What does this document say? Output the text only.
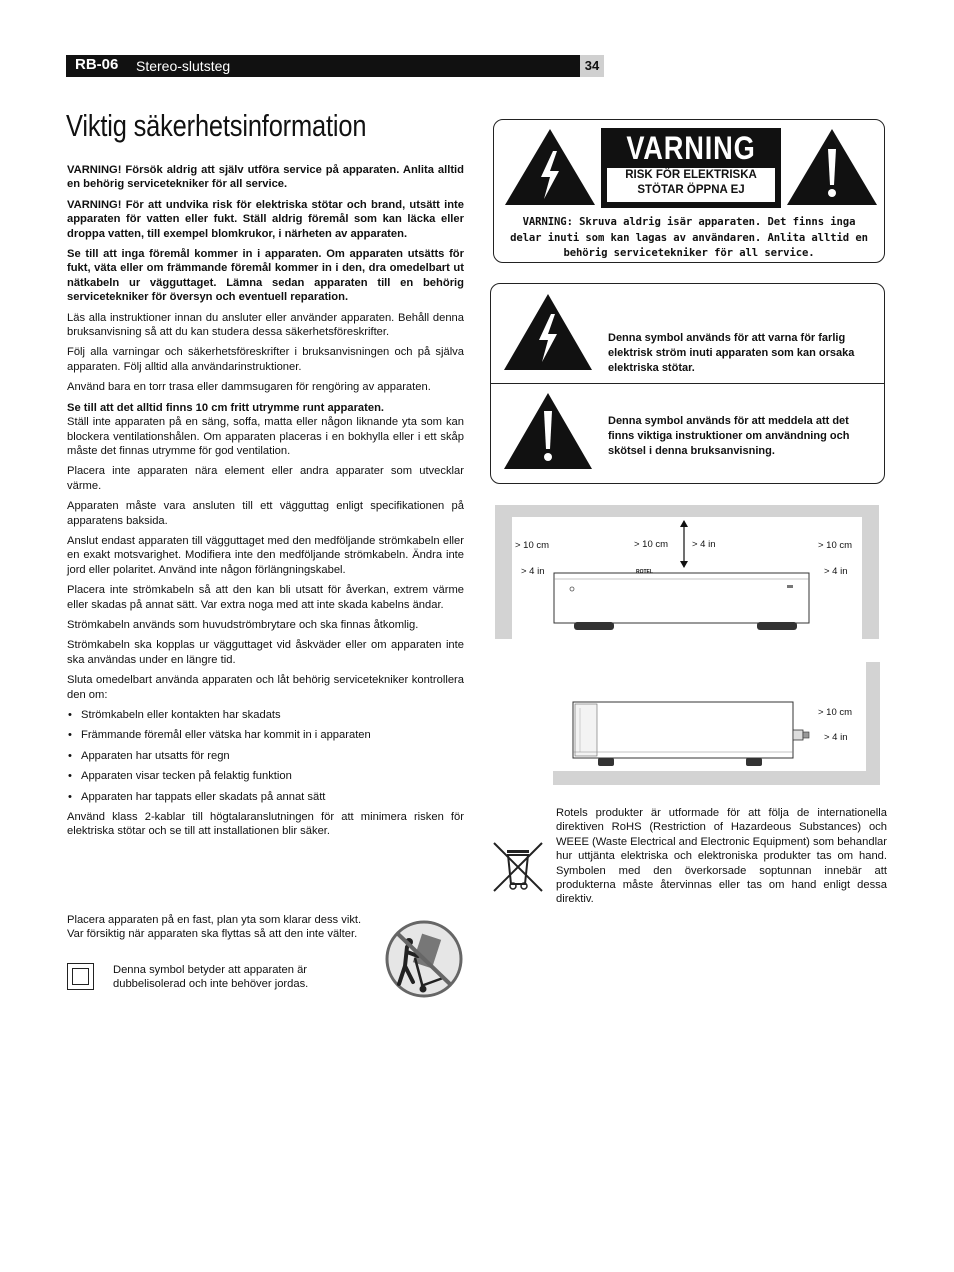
RB-06 Stereo-slutsteg	34
Viktig säkerhetsinformation

VARNING! Försök aldrig att själv utföra service på apparaten. Anlita alltid en behörig servicetekniker för all service.

VARNING! För att undvika risk för elektriska stötar och brand, utsätt inte apparaten för vatten eller fukt. Ställ aldrig föremål som kan läcka eller droppa vatten, till exempel blomkrukor, i närheten av apparaten.

Se till att inga föremål kommer in i apparaten. Om apparaten utsätts för fukt, väta eller om främmande föremål kommer in i den, dra omedelbart ut nätkabeln ur vägguttaget. Lämna sedan apparaten till en behörig servicetekniker för översyn och eventuell reparation.

Läs alla instruktioner innan du ansluter eller använder apparaten. Behåll denna bruksanvisning så att du kan studera dessa säkerhetsföreskrifter.

Följ alla varningar och säkerhetsföreskrifter i bruksanvisningen och på själva apparaten. Följ alltid alla användarinstruktioner.

Använd bara en torr trasa eller dammsugaren för rengöring av apparaten.

Se till att det alltid finns 10 cm fritt utrymme runt apparaten.
Ställ inte apparaten på en säng, soffa, matta eller någon liknande yta som kan blockera ventilationshålen. Om apparaten placeras i en bokhylla eller i ett skåp måste det finnas utrymme för god ventilation.

Placera inte apparaten nära element eller andra apparater som utvecklar värme.

Apparaten måste vara ansluten till ett vägguttag enligt specifikationen på apparatens baksida.

Anslut endast apparaten till vägguttaget med den medföljande strömkabeln eller en exakt motsvarighet. Modifiera inte den medföljande strömkabeln. Ändra inte jord eller polaritet. Använd inte någon förlängningskabel.

Placera inte strömkabeln så att den kan bli utsatt för åverkan, extrem värme eller skadas på annat sätt. Var extra noga med att inte skada kabelns ändar.

Strömkabeln används som huvudströmbrytare och ska finnas åtkomlig.

Strömkabeln ska kopplas ur vägguttaget vid åskväder eller om apparaten inte ska användas under en längre tid.

Sluta omedelbart använda apparaten och låt behörig servicetekniker kontrollera den om:

• Strömkabeln eller kontakten har skadats
• Främmande föremål eller vätska har kommit in i apparaten
• Apparaten har utsatts för regn
• Apparaten visar tecken på felaktig funktion
• Apparaten har tappats eller skadats på annat sätt

Använd klass 2-kablar till högtalaranslutningen för att minimera risken för elektriska stötar och se till att installationen blir säker.

Placera apparaten på en fast, plan yta som klarar dess vikt. Var försiktig när apparaten ska flyttas så att den inte välter.

Denna symbol betyder att apparaten är dubbelisolerad och inte behöver jordas.
VARNING
RISK FÖR ELEKTRISKA
STÖTAR ÖPPNA EJ
VARNING: Skruva aldrig isär apparaten. Det finns inga delar inuti som kan lagas av användaren. Anlita alltid en behörig servicetekniker för all service.
Denna symbol används för att varna för farlig elektrisk ström inuti apparaten som kan orsaka elektriska stötar.
Denna symbol används för att meddela att det finns viktiga instruktioner om användning och skötsel i denna bruksanvisning.
ROTEL
> 10 cm
> 4 in
> 10 cm	> 4 in	> 10 cm
> 4 in
> 10 cm
> 4 in
Rotels produkter är utformade för att följa de internationella direktiven RoHS (Restriction of Hazardeous Substances) och WEEE (Waste Electrical and Electronic Equipment) som behandlar hur uttjänta elektriska och elektroniska produkter tas om hand. Symbolen med den överkorsade soptunnan innebär att produkterna måste återvinnas eller tas om hand enligt dessa direktiv.
